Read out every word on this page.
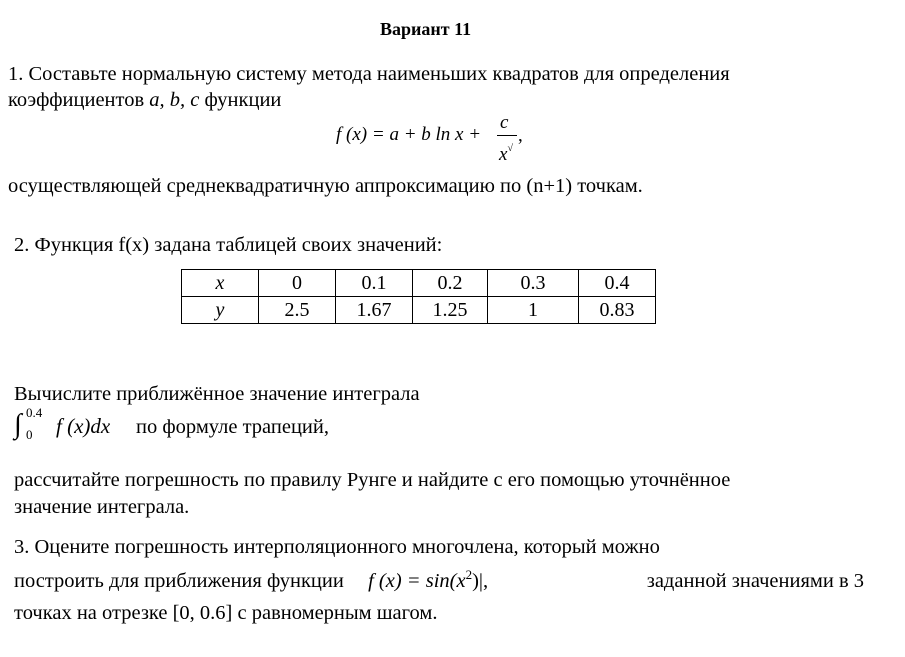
Вариант 11
1. Составьте нормальную систему метода наименьших квадратов для определения
коэффициентов a, b, c функции
f (x) = a + b ln x +
c
x√
,
осуществляющей среднеквадратичную аппроксимацию по (n+1) точкам.
2. Функция f(x) задана таблицей своих значений:
x	0	0.1	0.2	0.3	0.4
y	2.5	1.67	1.25	1	0.83
Вычислите приближённое значение интеграла
∫ 0.4
0 f (x)dx по формуле трапеций,
рассчитайте погрешность по правилу Рунге и найдите с его помощью уточнённое
значение интеграла.
3. Оцените погрешность интерполяционного многочлена, который можно
построить для приближения функции f $(x) = \sin(x^2)|$,	заданной значениями в 3
точках на отрезке [0, 0.6] с равномерным шагом.
